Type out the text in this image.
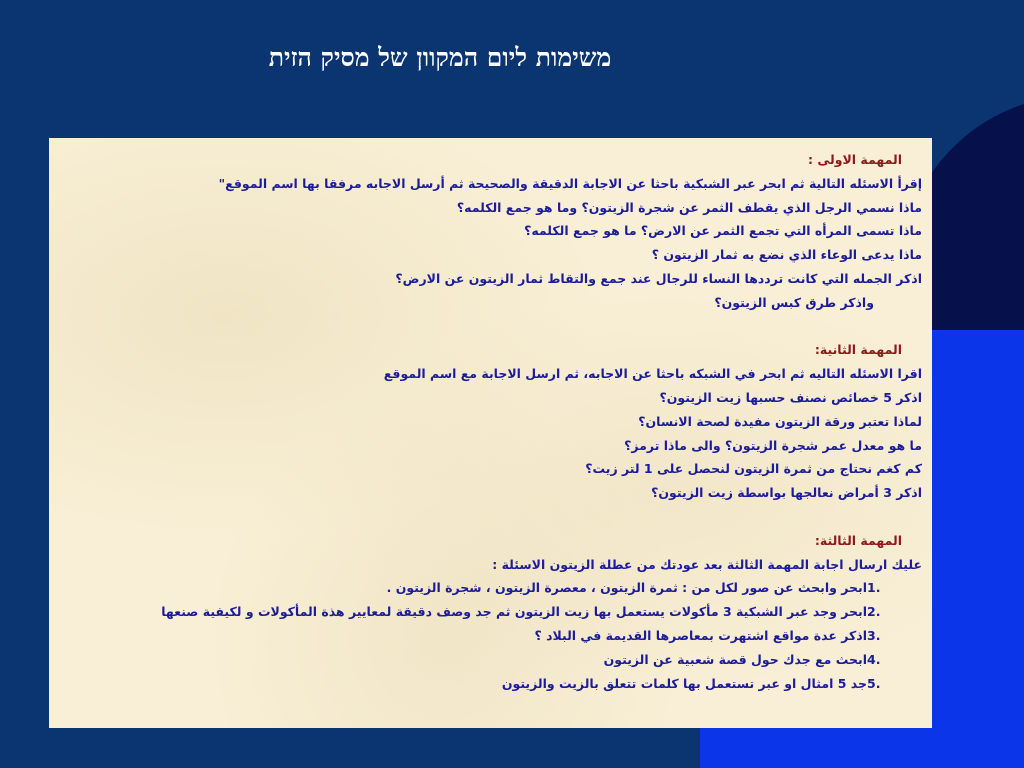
משימות ליום המקוון של מסיק הזית

المهمة الاولى :

إقرأ الاسئله التالية ثم ابحر عبر الشبكية باحثا عن الاجابة الدقيقة والصحيحة ثم أرسل الاجابه مرفقا بها اسم الموقع"

ماذا نسمي الرجل الذي يقطف الثمر عن شجرة الزيتون؟ وما هو جمع الكلمه؟

ماذا تسمى المرأه التي تجمع الثمر عن الارض؟ ما هو جمع الكلمه؟

ماذا يدعى الوعاء الذي نضع به ثمار الزيتون ؟

اذكر الجمله التي كانت ترددها النساء للرجال عند جمع والتقاط ثمار الزيتون عن الارض؟

واذكر طرق كبس الزيتون؟

المهمة الثانية:

اقرا الاسئله التاليه ثم ابحر في الشبكه باحثا عن الاجابه، ثم ارسل الاجابة مع اسم الموقع

اذكر 5 خصائص نصنف حسبها زيت الزيتون؟

لماذا تعتبر ورقة الزيتون مفيدة لصحة الانسان؟

ما هو معدل عمر شجرة الزيتون؟ والى ماذا ترمز؟

كم كغم نحتاج من ثمرة الزيتون لنحصل على 1 لتر زيت؟

اذكر 3 أمراض نعالجها بواسطة زيت الزيتون؟

المهمة الثالثة:

عليك ارسال اجابة المهمة الثالثة بعد عودتك من عطلة الزيتون الاسئلة :

1.
ابحر وابحث عن صور لكل من : ثمرة الزيتون ، معصرة الزيتون ، شجرة الزيتون .
2.
ابحر وجد عبر الشبكية 3 مأكولات يستعمل بها زيت الزيتون ثم جد وصف دقيقة لمعايير هذة المأكولات و لكيفية صنعها
3.
اذكر عدة مواقع اشتهرت بمعاصرها القديمة في البلاد ؟
4.
ابحث مع جدك حول قصة شعبية عن الزيتون
5.
جد 5 امثال او عبر تستعمل بها كلمات تتعلق بالزيت والزيتون
